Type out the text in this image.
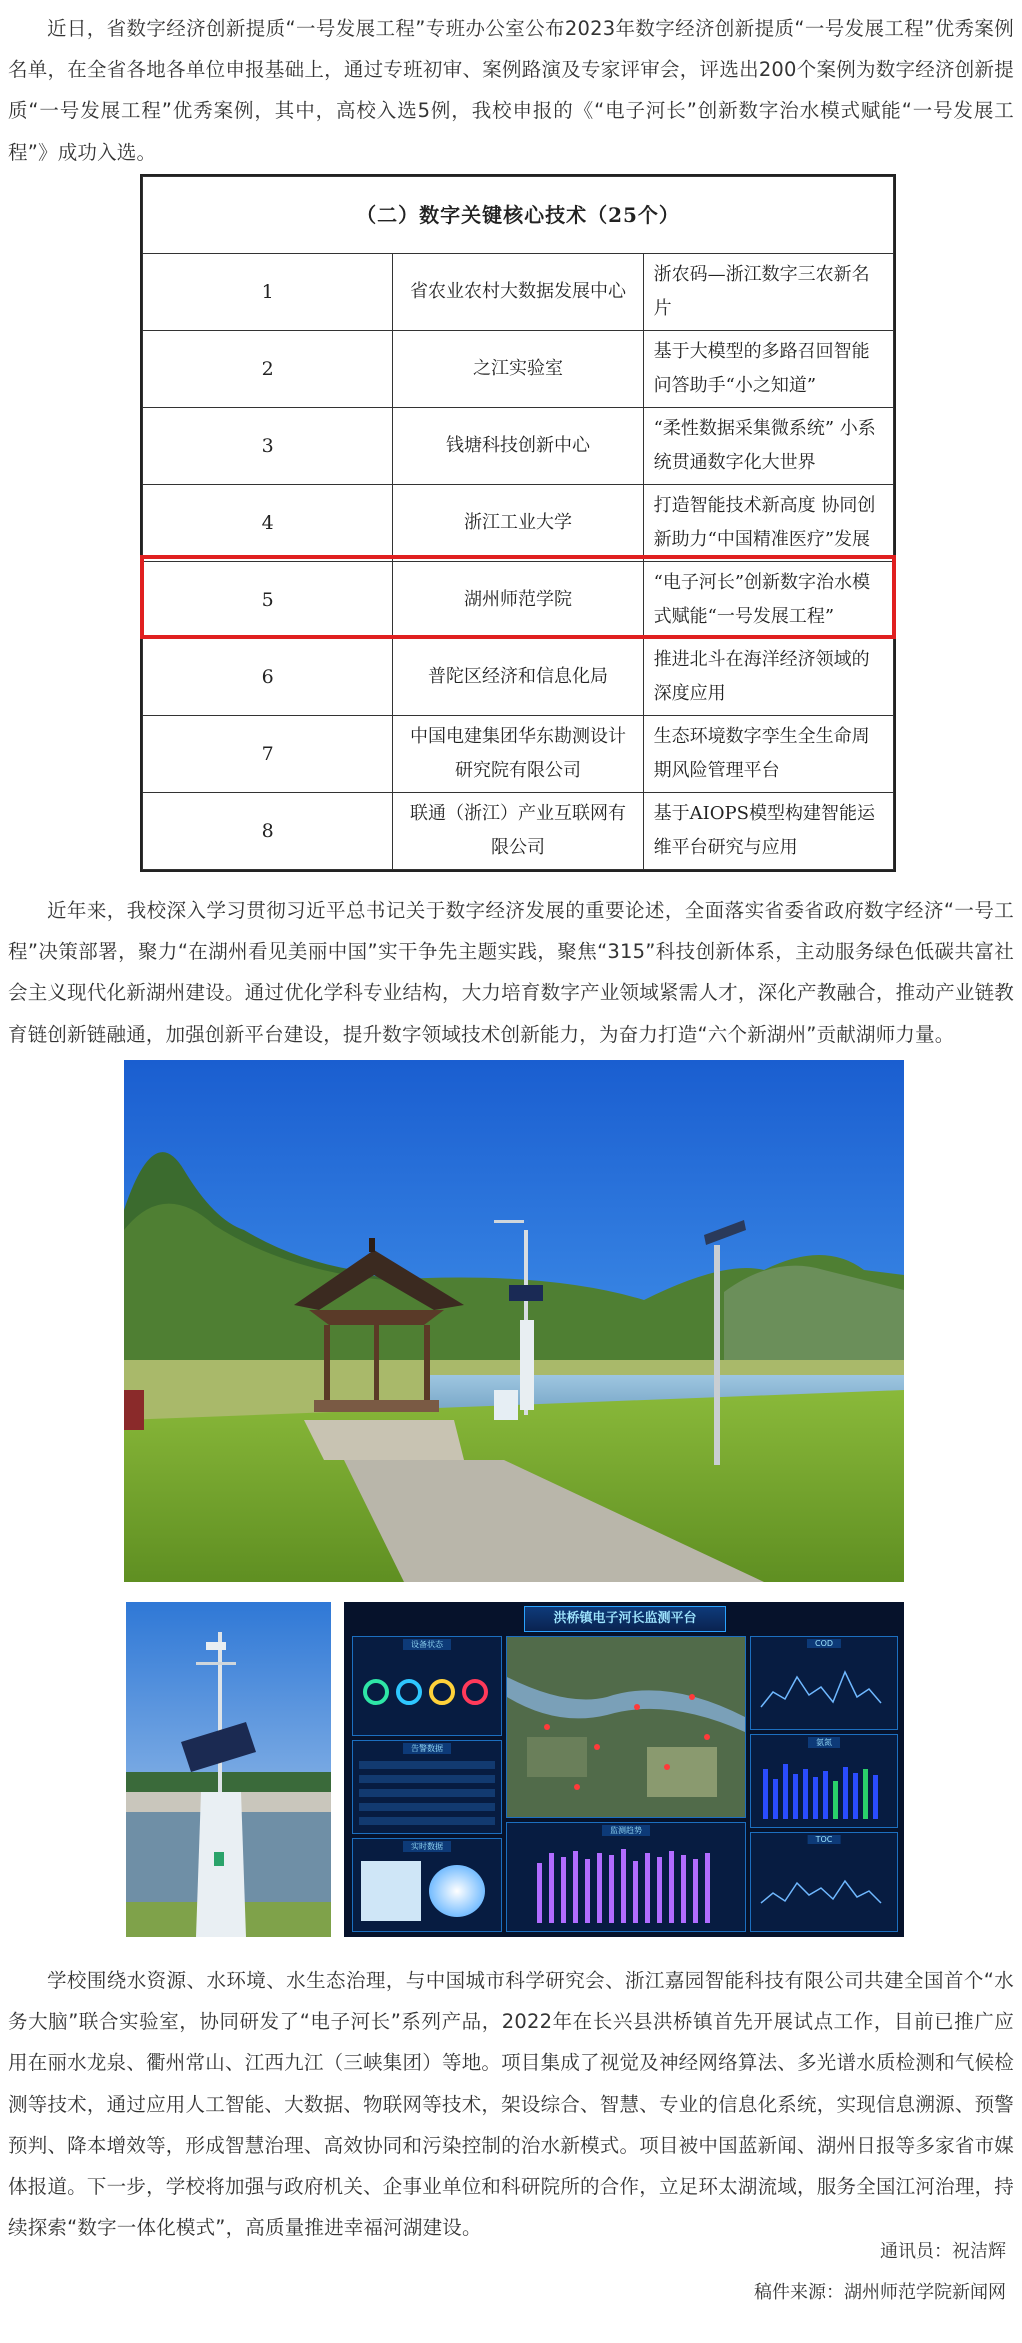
近日，省数字经济创新提质“一号发展工程”专班办公室公布2023年数字经济创新提质“一号发展工程”优秀案例名单，在全省各地各单位申报基础上，通过专班初审、案例路演及专家评审会，评选出200个案例为数字经济创新提质“一号发展工程”优秀案例，其中，高校入选5例，我校申报的《“电子河长”创新数字治水模式赋能“一号发展工程”》成功入选。

（二）数字关键核心技术（25个）		
1	省农业农村大数据发展中心	浙农码—浙江数字三农新名片
2	之江实验室	基于大模型的多路召回智能问答助手“小之知道”
3	钱塘科技创新中心	“柔性数据采集微系统” 小系统贯通数字化大世界
4	浙江工业大学	打造智能技术新高度 协同创新助力“中国精准医疗”发展
5	湖州师范学院	“电子河长”创新数字治水模式赋能“一号发展工程”
6	普陀区经济和信息化局	推进北斗在海洋经济领域的深度应用
7	中国电建集团华东勘测设计研究院有限公司	生态环境数字孪生全生命周期风险管理平台
8	联通（浙江）产业互联网有限公司	基于AIOPS模型构建智能运维平台研究与应用

近年来，我校深入学习贯彻习近平总书记关于数字经济发展的重要论述，全面落实省委省政府数字经济“一号工程”决策部署，聚力“在湖州看见美丽中国”实干争先主题实践，聚焦“315”科技创新体系，主动服务绿色低碳共富社会主义现代化新湖州建设。通过优化学科专业结构，大力培育数字产业领域紧需人才，深化产教融合，推动产业链教育链创新链融通，加强创新平台建设，提升数字领域技术创新能力，为奋力打造“六个新湖州”贡献湖师力量。

洪桥镇电子河长监测平台
设备状态
告警数据
实时数据
监测趋势
COD
氨氮
TOC

学校围绕水资源、水环境、水生态治理，与中国城市科学研究会、浙江嘉园智能科技有限公司共建全国首个“水务大脑”联合实验室，协同研发了“电子河长”系列产品，2022年在长兴县洪桥镇首先开展试点工作，目前已推广应用在丽水龙泉、衢州常山、江西九江（三峡集团）等地。项目集成了视觉及神经网络算法、多光谱水质检测和气候检测等技术，通过应用人工智能、大数据、物联网等技术，架设综合、智慧、专业的信息化系统，实现信息溯源、预警预判、降本增效等，形成智慧治理、高效协同和污染控制的治水新模式。项目被中国蓝新闻、湖州日报等多家省市媒体报道。下一步，学校将加强与政府机关、企事业单位和科研院所的合作，立足环太湖流域，服务全国江河治理，持续探索“数字一体化模式”，高质量推进幸福河湖建设。

通讯员：祝洁辉

稿件来源：湖州师范学院新闻网
